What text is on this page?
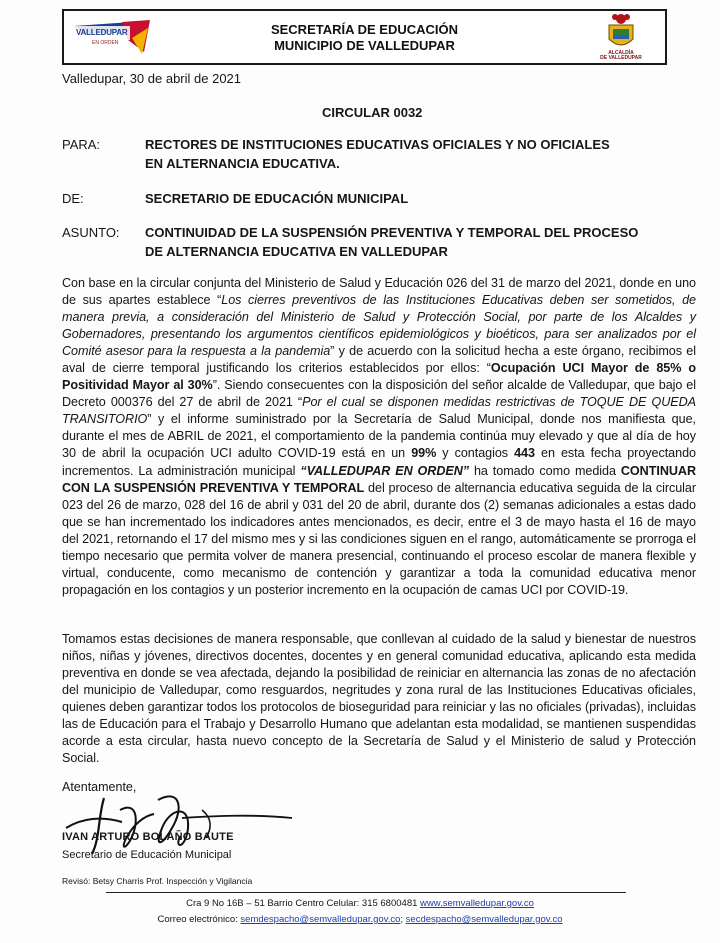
VALLEDUPAR
EN ORDEN
SECRETARÍA DE EDUCACIÓN
MUNICIPIO DE VALLEDUPAR	ALCALDÍA
DE VALLEDUPAR
Valledupar, 30 de abril de 2021
CIRCULAR 0032
PARA:	RECTORES DE INSTITUCIONES EDUCATIVAS OFICIALES Y NO OFICIALES
EN ALTERNANCIA EDUCATIVA.
DE:	SECRETARIO DE EDUCACIÓN MUNICIPAL
ASUNTO: CONTINUIDAD DE LA SUSPENSIÓN PREVENTIVA Y TEMPORAL DEL PROCESO
DE ALTERNANCIA EDUCATIVA EN VALLEDUPAR
Con base en la circular conjunta del Ministerio de Salud y Educación 026 del 31 de marzo del 2021, donde en uno de sus apartes establece “Los cierres preventivos de las Instituciones Educativas deben ser sometidos, de manera previa, a consideración del Ministerio de Salud y Protección Social, por parte de los Alcaldes y Gobernadores, presentando los argumentos científicos epidemiológicos y bioéticos, para ser analizados por el Comité asesor para la respuesta a la pandemia” y de acuerdo con la solicitud hecha a este órgano, recibimos el aval de cierre temporal justificando los criterios establecidos por ellos: “Ocupación UCI Mayor de 85% o Positividad Mayor al 30%”. Siendo consecuentes con la disposición del señor alcalde de Valledupar, que bajo el Decreto 000376 del 27 de abril de 2021 “Por el cual se disponen medidas restrictivas de TOQUE DE QUEDA TRANSITORIO” y el informe suministrado por la Secretaría de Salud Municipal, donde nos manifiesta que, durante el mes de ABRIL de 2021, el comportamiento de la pandemia continúa muy elevado y que al día de hoy 30 de abril la ocupación UCI adulto COVID-19 está en un 99% y contagios 443 en esta fecha proyectando incrementos. La administración municipal “VALLEDUPAR EN ORDEN” ha tomado como medida CONTINUAR CON LA SUSPENSIÓN PREVENTIVA Y TEMPORAL del proceso de alternancia educativa seguida de la circular 023 del 26 de marzo, 028 del 16 de abril y 031 del 20 de abril, durante dos (2) semanas adicionales a estas dado que se han incrementado los indicadores antes mencionados, es decir, entre el 3 de mayo hasta el 16 de mayo del 2021, retornando el 17 del mismo mes y si las condiciones siguen en el rango, automáticamente se prorroga el tiempo necesario que permita volver de manera presencial, continuando el proceso escolar de manera flexible y virtual, conducente, como mecanismo de contención y garantizar a toda la comunidad educativa menor propagación en los contagios y un posterior incremento en la ocupación de camas UCI por COVID-19.
Tomamos estas decisiones de manera responsable, que conllevan al cuidado de la salud y bienestar de nuestros niños, niñas y jóvenes, directivos docentes, docentes y en general comunidad educativa, aplicando esta medida preventiva en donde se vea afectada, dejando la posibilidad de reiniciar en alternancia las zonas de no afectación del municipio de Valledupar, como resguardos, negritudes y zona rural de las Instituciones Educativas oficiales, quienes deben garantizar todos los protocolos de bioseguridad para reiniciar y las no oficiales (privadas), incluidas las de Educación para el Trabajo y Desarrollo Humano que adelantan esta modalidad, se mantienen suspendidas acorde a esta circular, hasta nuevo concepto de la Secretaría de Salud y el Ministerio de salud y Protección Social.
Atentamente,
IVAN ARTURO BOLAÑO BAUTE
Secretario de Educación Municipal
Revisó: Betsy Charris Prof. Inspección y Vigilancia
Cra 9 No 16B – 51 Barrio Centro Celular: 315 6800481 www.semvalledupar.gov.co
Correo electrónico: semdespacho@semvalledupar.gov.co; secdespacho@semvalledupar.gov.co
